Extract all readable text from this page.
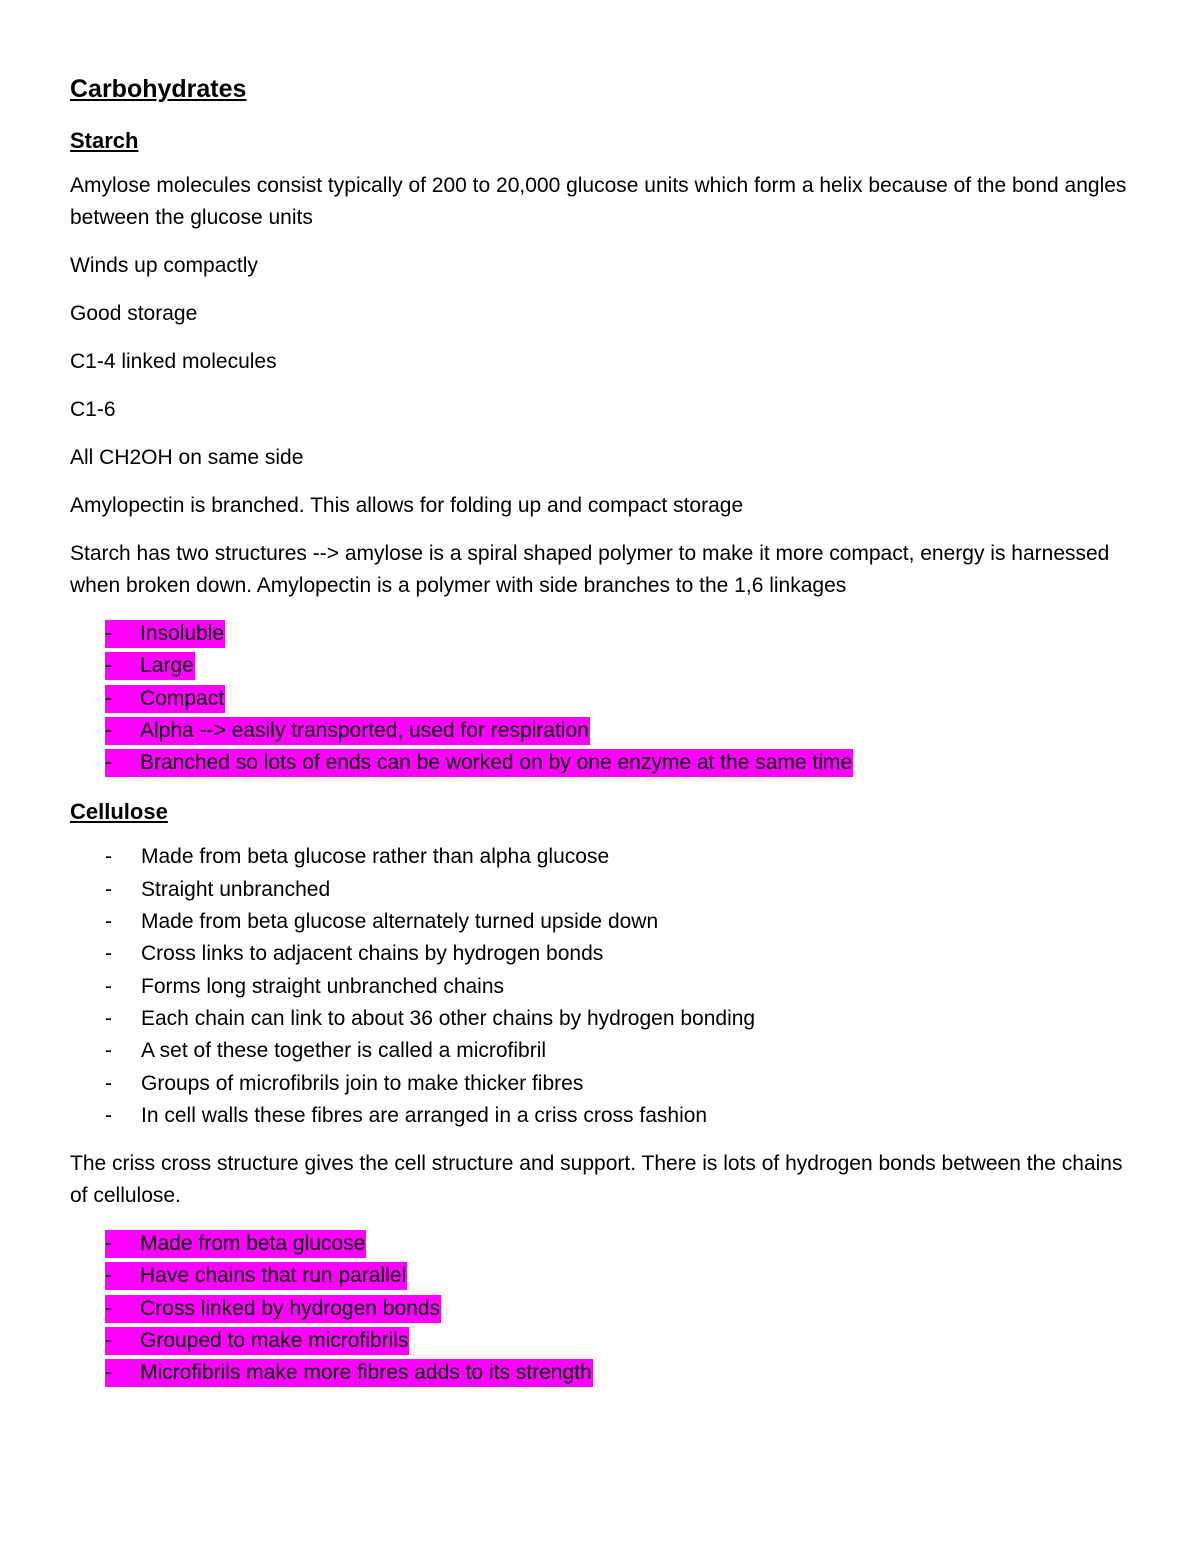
Carbohydrates
Starch

Amylose molecules consist typically of 200 to 20,000 glucose units which form a helix because of the bond angles between the glucose units

Winds up compactly

Good storage

C1-4 linked molecules

C1-6

All CH2OH on same side

Amylopectin is branched. This allows for folding up and compact storage

Starch has two structures --> amylose is a spiral shaped polymer to make it more compact, energy is harnessed when broken down. Amylopectin is a polymer with side branches to the 1,6 linkages

- Insoluble
- Large
- Compact
- Alpha --> easily transported, used for respiration
- Branched so lots of ends can be worked on by one enzyme at the same time
Cellulose
- Made from beta glucose rather than alpha glucose
- Straight unbranched
- Made from beta glucose alternately turned upside down
- Cross links to adjacent chains by hydrogen bonds
- Forms long straight unbranched chains
- Each chain can link to about 36 other chains by hydrogen bonding
- A set of these together is called a microfibril
- Groups of microfibrils join to make thicker fibres
- In cell walls these fibres are arranged in a criss cross fashion

The criss cross structure gives the cell structure and support. There is lots of hydrogen bonds between the chains of cellulose.

- Made from beta glucose
- Have chains that run parallel
- Cross linked by hydrogen bonds
- Grouped to make microfibrils
- Microfibrils make more fibres adds to its strength
